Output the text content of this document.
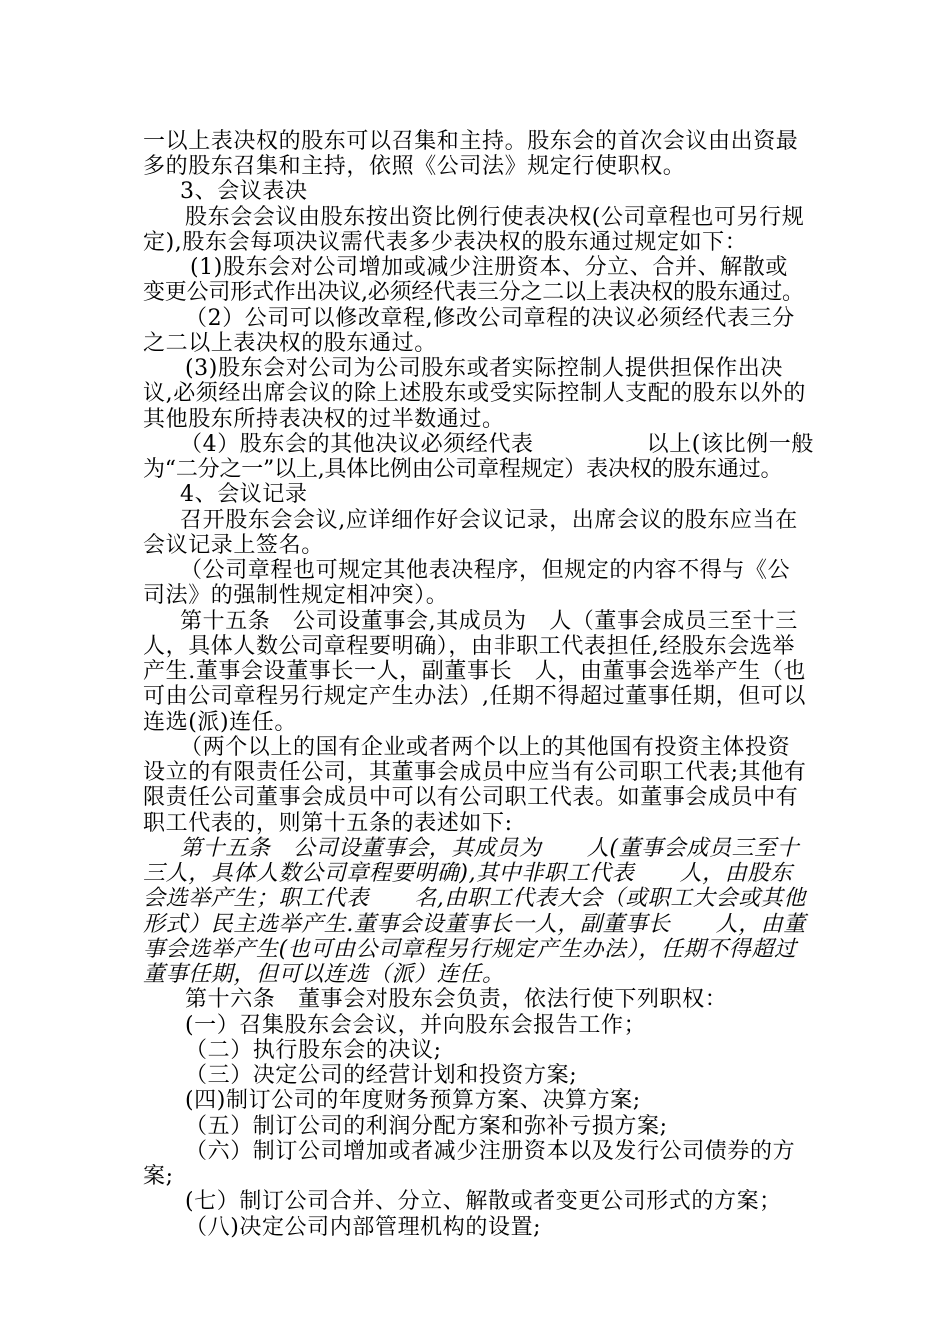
一以上表决权的股东可以召集和主持。股东会的首次会议由出资最
多的股东召集和主持，依照《公司法》规定行使职权。
3、会议表决
股东会会议由股东按出资比例行使表决权(公司章程也可另行规
定),股东会每项决议需代表多少表决权的股东通过规定如下：
(1)股东会对公司增加或减少注册资本、分立、合并、解散或
变更公司形式作出决议,必须经代表三分之二以上表决权的股东通过。
（2）公司可以修改章程,修改公司章程的决议必须经代表三分
之二以上表决权的股东通过。
(3)股东会对公司为公司股东或者实际控制人提供担保作出决
议,必须经出席会议的除上述股东或受实际控制人支配的股东以外的
其他股东所持表决权的过半数通过。
（4）股东会的其他决议必须经代表　　　　　以上(该比例一般
为“二分之一”以上,具体比例由公司章程规定）表决权的股东通过。
4、会议记录
召开股东会会议,应详细作好会议记录，出席会议的股东应当在
会议记录上签名。
（公司章程也可规定其他表决程序，但规定的内容不得与《公
司法》的强制性规定相冲突）。
第十五条　公司设董事会,其成员为　人（董事会成员三至十三
人，具体人数公司章程要明确），由非职工代表担任,经股东会选举
产生.董事会设董事长一人，副董事长　人，由董事会选举产生（也
可由公司章程另行规定产生办法）,任期不得超过董事任期，但可以
连选(派)连任。
（两个以上的国有企业或者两个以上的其他国有投资主体投资
设立的有限责任公司，其董事会成员中应当有公司职工代表;其他有
限责任公司董事会成员中可以有公司职工代表。如董事会成员中有
职工代表的，则第十五条的表述如下:
第十五条　公司设董事会，其成员为　　人(董事会成员三至十
三人，具体人数公司章程要明确),其中非职工代表　　人，由股东
会选举产生；职工代表　　名,由职工代表大会（或职工大会或其他
形式）民主选举产生.董事会设董事长一人，副董事长　　人，由董
事会选举产生(也可由公司章程另行规定产生办法），任期不得超过
董事任期，但可以连选（派）连任。
第十六条　董事会对股东会负责，依法行使下列职权：
(一）召集股东会会议，并向股东会报告工作；
（二）执行股东会的决议;
（三）决定公司的经营计划和投资方案;
(四)制订公司的年度财务预算方案、决算方案;
（五）制订公司的利润分配方案和弥补亏损方案;
（六）制订公司增加或者减少注册资本以及发行公司债券的方
案;
(七）制订公司合并、分立、解散或者变更公司形式的方案；
（八)决定公司内部管理机构的设置;
